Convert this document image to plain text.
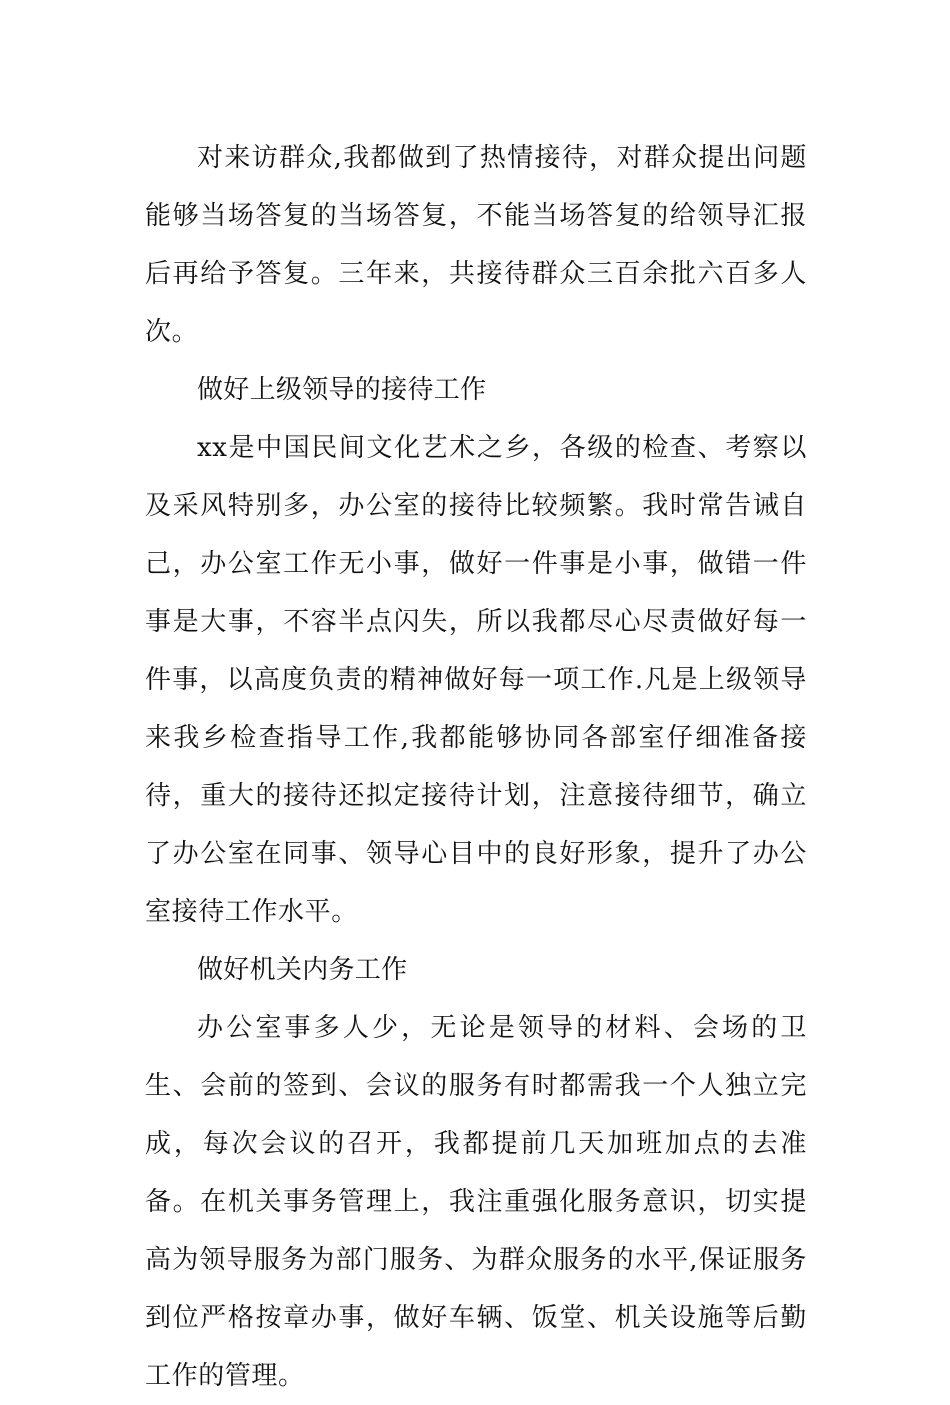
对来访群众,我都做到了热情接待，对群众提出问题能够当场答复的当场答复，不能当场答复的给领导汇报后再给予答复。三年来，共接待群众三百余批六百多人次。

做好上级领导的接待工作

xx是中国民间文化艺术之乡，各级的检查、考察以及采风特别多，办公室的接待比较频繁。我时常告诫自己，办公室工作无小事，做好一件事是小事，做错一件事是大事，不容半点闪失，所以我都尽心尽责做好每一件事，以高度负责的精神做好每一项工作.凡是上级领导来我乡检查指导工作,我都能够协同各部室仔细准备接待，重大的接待还拟定接待计划，注意接待细节，确立了办公室在同事、领导心目中的良好形象，提升了办公室接待工作水平。

做好机关内务工作

办公室事多人少，无论是领导的材料、会场的卫生、会前的签到、会议的服务有时都需我一个人独立完成，每次会议的召开，我都提前几天加班加点的去准备。在机关事务管理上，我注重强化服务意识，切实提高为领导服务为部门服务、为群众服务的水平,保证服务到位严格按章办事，做好车辆、饭堂、机关设施等后勤工作的管理。
